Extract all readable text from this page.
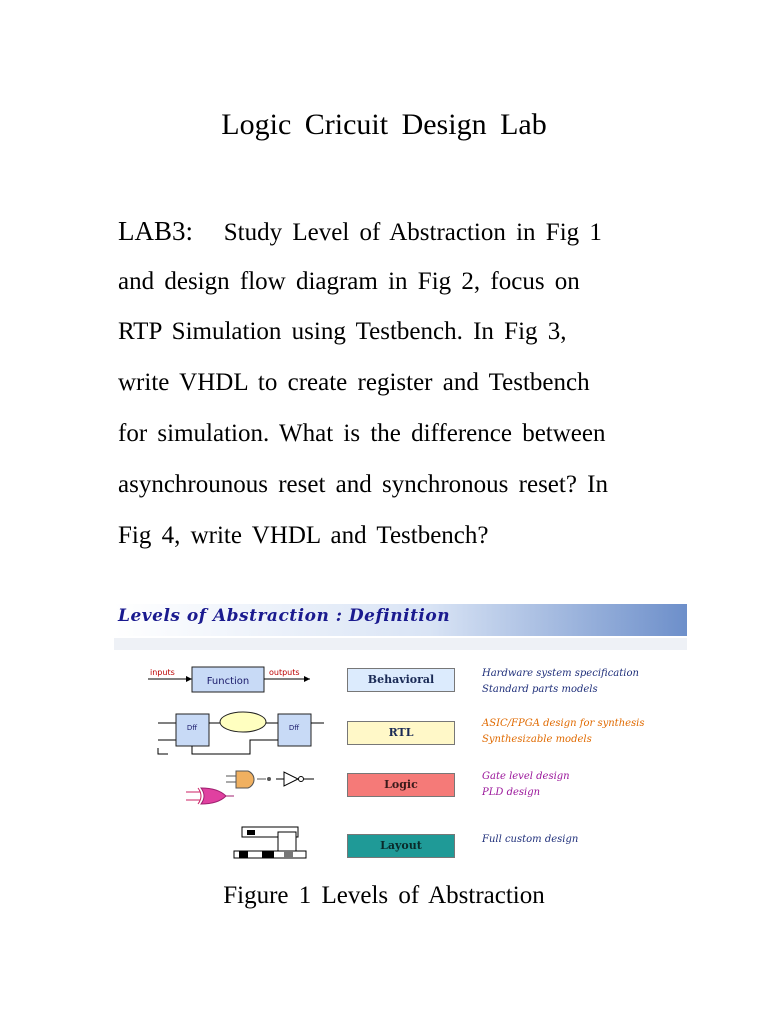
Logic Cricuit Design Lab
LAB3: Study Level of Abstraction in Fig 1
and design flow diagram in Fig 2, focus on
RTP Simulation using Testbench. In Fig 3,
write VHDL to create register and Testbench
for simulation. What is the difference between
asynchrounous reset and synchronous reset? In
Fig 4, write VHDL and Testbench?
Levels of Abstraction : Definition
inputs	outputs
Function
Dff	Dff
Behavioral
RTL
Logic
Layout
Hardware system specification
Standard parts models
ASIC/FPGA design for synthesis
Synthesizable models
Gate level design
PLD design
Full custom design
Figure 1 Levels of Abstraction
